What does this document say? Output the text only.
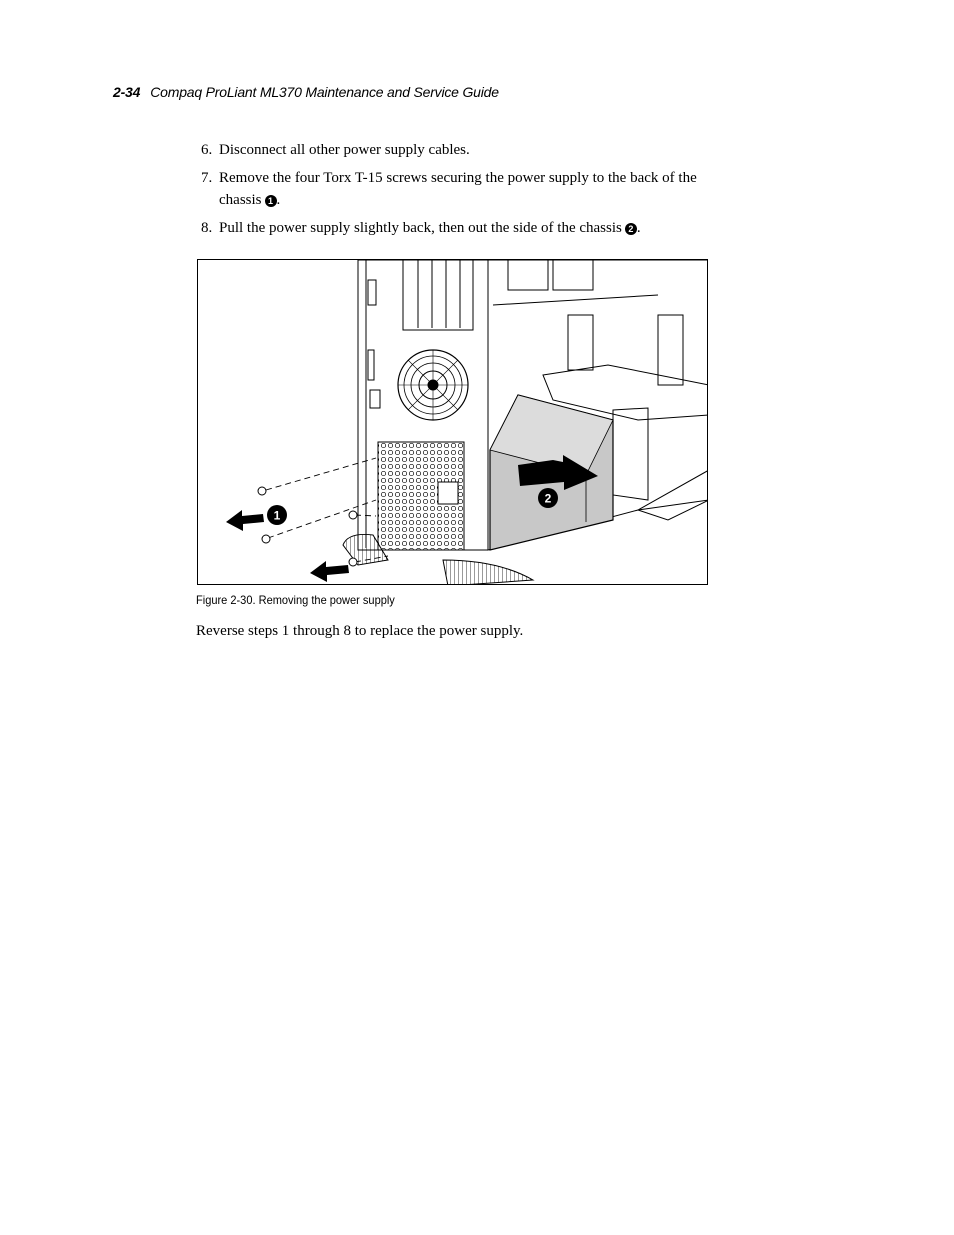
2-34 Compaq ProLiant ML370 Maintenance and Service Guide
6. Disconnect all other power supply cables.
7. Remove the four Torx T-15 screws securing the power supply to the back of the chassis 1 .
8. Pull the power supply slightly back, then out the side of the chassis 2 .
2
1
Figure 2-30. Removing the power supply
Reverse steps 1 through 8 to replace the power supply.
